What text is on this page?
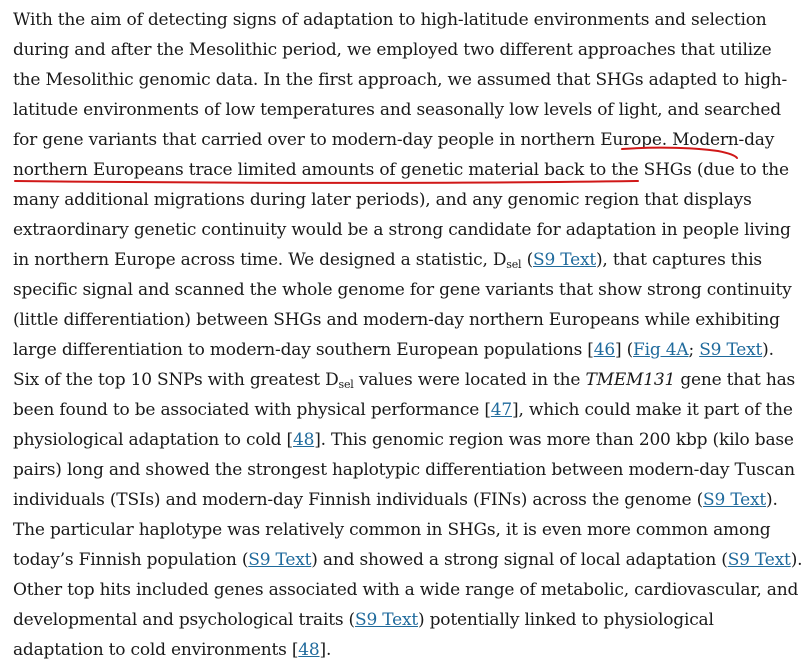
With the aim of detecting signs of adaptation to high-latitude environments and selection
during and after the Mesolithic period, we employed two different approaches that utilize
the Mesolithic genomic data. In the first approach, we assumed that SHGs adapted to high-
latitude environments of low temperatures and seasonally low levels of light, and searched
for gene variants that carried over to modern-day people in northern Europe. Modern-day
northern Europeans trace limited amounts of genetic material back to the SHGs (due to the
many additional migrations during later periods), and any genomic region that displays
extraordinary genetic continuity would be a strong candidate for adaptation in people living
in northern Europe across time. We designed a statistic, $D_{sel}$ (S9 Text), that captures this
specific signal and scanned the whole genome for gene variants that show strong continuity
(little differentiation) between SHGs and modern-day northern Europeans while exhibiting
large differentiation to modern-day southern European populations [46] (Fig 4A; S9 Text).
Six of the top 10 SNPs with greatest $D_{sel}$ values were located in the TMEM131 gene that has
been found to be associated with physical performance [47], which could make it part of the
physiological adaptation to cold [48]. This genomic region was more than 200 kbp (kilo base
pairs) long and showed the strongest haplotypic differentiation between modern-day Tuscan
individuals (TSIs) and modern-day Finnish individuals (FINs) across the genome (S9 Text).
The particular haplotype was relatively common in SHGs, it is even more common among
today’s Finnish population (S9 Text) and showed a strong signal of local adaptation (S9 Text).
Other top hits included genes associated with a wide range of metabolic, cardiovascular, and
developmental and psychological traits (S9 Text) potentially linked to physiological
adaptation to cold environments [48].
